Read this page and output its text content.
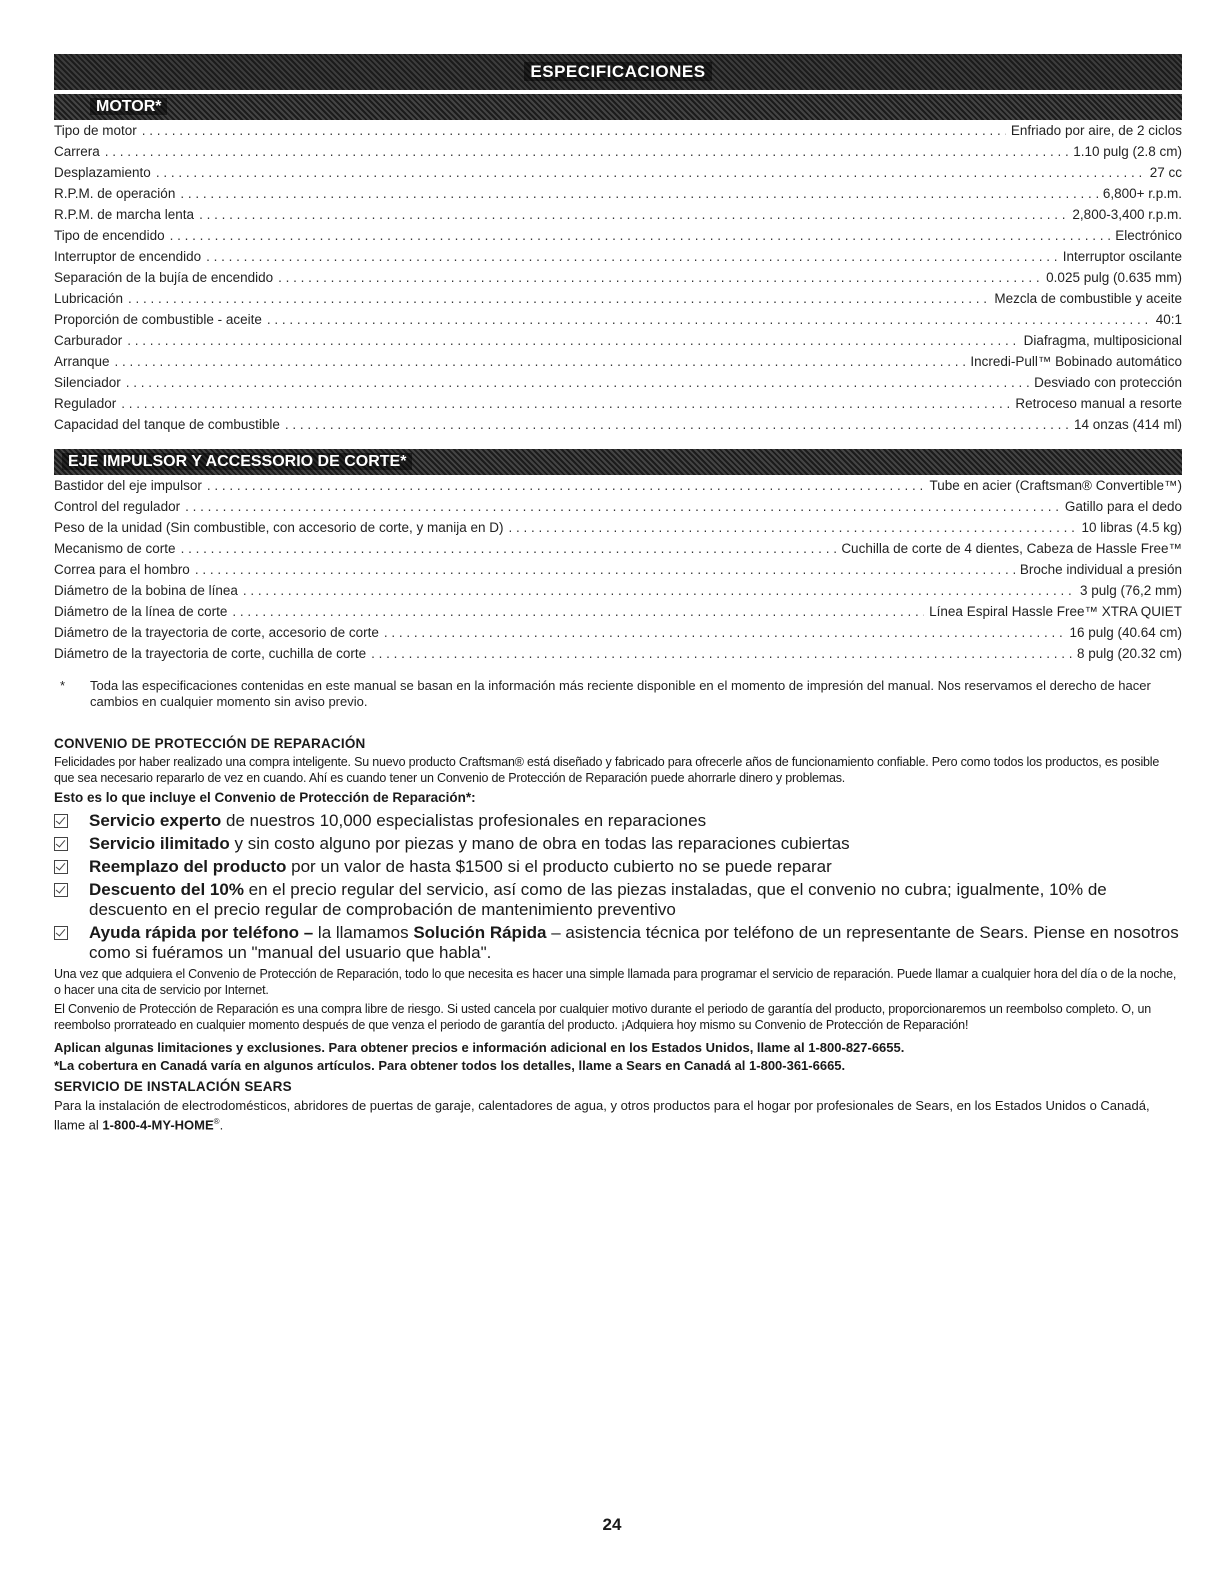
ESPECIFICACIONES
MOTOR*
Tipo de motor . . .	Enfriado por aire, de 2 ciclos
Carrera . . .	1.10 pulg (2.8 cm)
Desplazamiento . . .	27 cc
R.P.M. de operación . . .	6,800+ r.p.m.
R.P.M. de marcha lenta . . .	2,800-3,400 r.p.m.
Tipo de encendido . . .	Electrónico
Interruptor de encendido . . .	Interruptor oscilante
Separación de la bujía de encendido . . .	0.025 pulg (0.635 mm)
Lubricación . . .	Mezcla de combustible y aceite
Proporción de combustible - aceite . . .	40:1
Carburador . . .	Diafragma, multiposicional
Arranque . . .	Incredi-Pull™ Bobinado automático
Silenciador . . .	Desviado con protección
Regulador . . .	Retroceso manual a resorte
Capacidad del tanque de combustible . . .	14 onzas (414 ml)
EJE IMPULSOR Y ACCESSORIO DE CORTE*
Bastidor del eje impulsor . . .	Tube en acier (Craftsman® Convertible™)
Control del regulador . . .	Gatillo para el dedo
Peso de la unidad (Sin combustible, con accesorio de corte, y manija en D) . . .	10 libras (4.5 kg)
Mecanismo de corte . . .	Cuchilla de corte de 4 dientes, Cabeza de Hassle Free™
Correa para el hombro . . .	Broche individual a presión
Diámetro de la bobina de línea . . .	3 pulg (76,2 mm)
Diámetro de la línea de corte . . .	Línea Espiral Hassle Free™ XTRA QUIET
Diámetro de la trayectoria de corte, accesorio de corte . . .	16 pulg (40.64 cm)
Diámetro de la trayectoria de corte, cuchilla de corte . . .	8 pulg (20.32 cm)
*	Toda las especificaciones contenidas en este manual se basan en la información más reciente disponible en el momento de impresión del manual. Nos reservamos el derecho de hacer cambios en cualquier momento sin aviso previo.
CONVENIO DE PROTECCIÓN DE REPARACIÓN

Felicidades por haber realizado una compra inteligente. Su nuevo producto Craftsman® está diseñado y fabricado para ofrecerle años de funcionamiento confiable. Pero como todos los productos, es posible que sea necesario repararlo de vez en cuando. Ahí es cuando tener un Convenio de Protección de Reparación puede ahorrarle dinero y problemas.

Esto es lo que incluye el Convenio de Protección de Reparación*:

Servicio experto de nuestros 10,000 especialistas profesionales en reparaciones
Servicio ilimitado y sin costo alguno por piezas y mano de obra en todas las reparaciones cubiertas
Reemplazo del producto por un valor de hasta $1500 si el producto cubierto no se puede reparar
Descuento del 10% en el precio regular del servicio, así como de las piezas instaladas, que el convenio no cubra; igualmente, 10% de descuento en el precio regular de comprobación de mantenimiento preventivo
Ayuda rápida por teléfono – la llamamos Solución Rápida – asistencia técnica por teléfono de un representante de Sears. Piense en nosotros como si fuéramos un "manual del usuario que habla".

Una vez que adquiera el Convenio de Protección de Reparación, todo lo que necesita es hacer una simple llamada para programar el servicio de reparación. Puede llamar a cualquier hora del día o de la noche, o hacer una cita de servicio por Internet.

El Convenio de Protección de Reparación es una compra libre de riesgo. Si usted cancela por cualquier motivo durante el periodo de garantía del producto, proporcionaremos un reembolso completo. O, un reembolso prorrateado en cualquier momento después de que venza el periodo de garantía del producto. ¡Adquiera hoy mismo su Convenio de Protección de Reparación!

Aplican algunas limitaciones y exclusiones. Para obtener precios e información adicional en los Estados Unidos, llame al 1-800-827-6655.

*La cobertura en Canadá varía en algunos artículos. Para obtener todos los detalles, llame a Sears en Canadá al 1-800-361-6665.

SERVICIO DE INSTALACIÓN SEARS

Para la instalación de electrodomésticos, abridores de puertas de garaje, calentadores de agua, y otros productos para el hogar por profesionales de Sears, en los Estados Unidos o Canadá, llame al 1-800-4-MY-HOME®.

24
